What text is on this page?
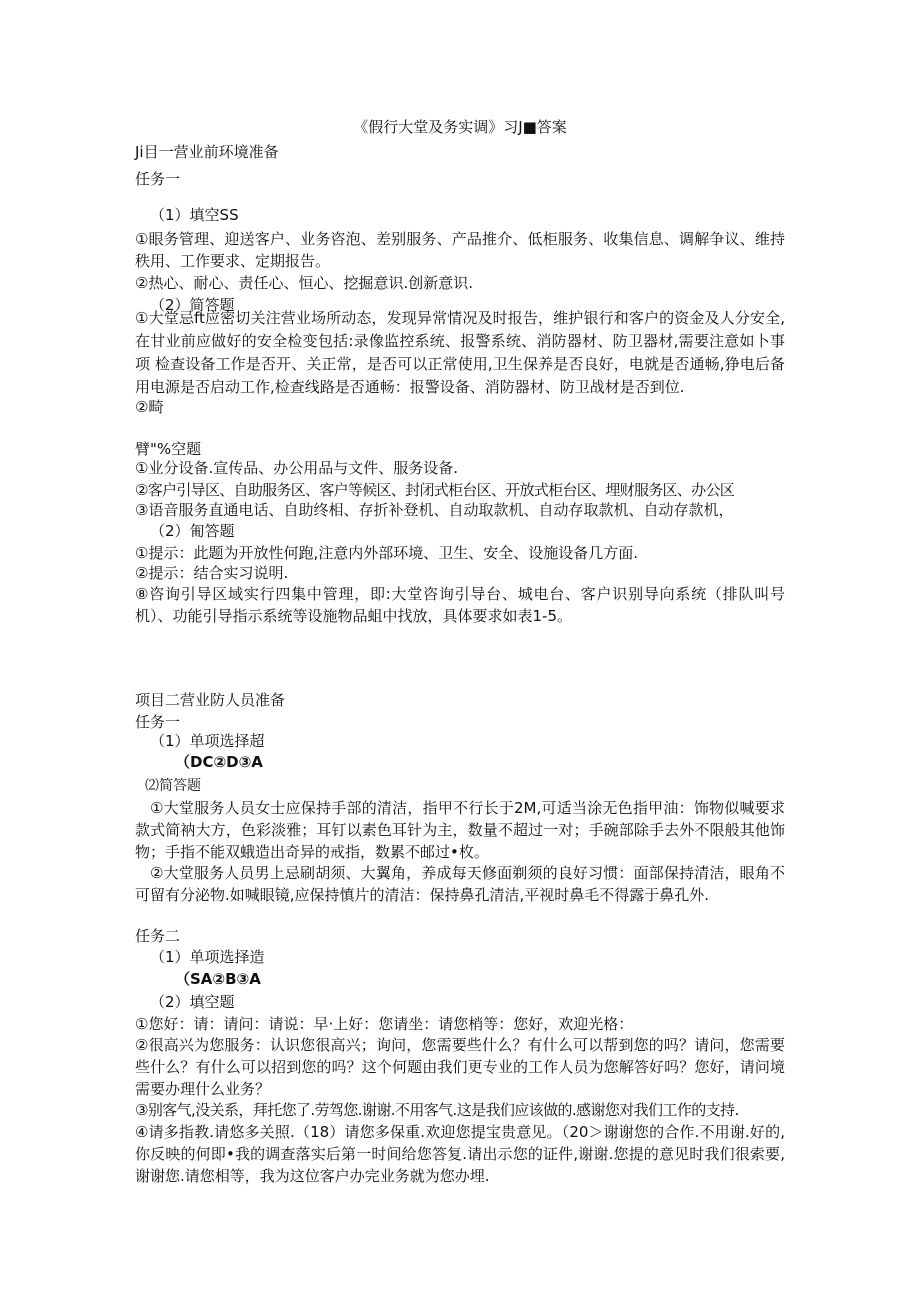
《假行大堂及务实调》习J■答案
Ji目一营业前环境准备
任务一
（1）填空SS
①眼务管理、迎送客户、业务咨泡、差别服务、产品推介、低柜服务、收集信息、调解争议、维持秩用、工作要求、定期报告。
②热心、耐心、责任心、恒心、挖掘意识.创新意识.
（2）简答题
①大堂忌ft应密切关注营业场所动态，发现异常情况及时报告，维护银行和客户的资金及人分安全,在甘业前应做好的安全检变包括:录像监控系统、报警系统、消防器材、防卫器材,需要注意如卜事项 检查设备工作是否开、关正常，是否可以正常使用,卫生保养是否良好，电就是否通畅,狰电后备用电源是否启动工作,检查线路是否通畅：报警设备、消防器材、防卫战材是否到位.
②畸
臂"%空题
①业分设备.宣传品、办公用品与文件、服务设备.
②客户引导区、自助服务区、客户等候区、封闭式柜台区、开放式柜台区、埋财服务区、办公区
③语音服务直通电话、自助终相、存折补登机、自动取款机、自动存取款机、自动存款机，
（2）匍答题
①提示：此题为开放性何跑,注意内外部环境、卫生、安全、设施设备几方面.
②提示：结合实习说明.
⑧咨询引导区域实行四集中管理，即:大堂咨询引导台、城电台、客户识别导向系统（排队叫号机）、功能引导指示系统等设施物品蛆中找放，具体要求如表1-5。
项目二营业防人员准备
任务一
（1）单项选择超
（DC②D③A
⑵简答题
①大堂服务人员女士应保持手部的清洁，指甲不行长于2M,可适当涂无色指甲油：饰物似喊要求款式简衲大方，色彩淡雅；耳钉以素色耳针为主，数量不超过一对；手碗部除手去外不限般其他饰物；手指不能双蛾造出奇异的戒指，数累不邮过•枚。
②大堂服务人员男上忌刷胡须、大翼角，养成每天修面剃须的良好习惯：面部保持清洁，眼角不可留有分泌物.如喊眼镜,应保持慎片的清洁：保持鼻孔清洁,平视时鼻毛不得露于鼻孔外.
任务二
（1）单项选择造
（SA②B③A
（2）填空题
①您好：请：请问：请说：早·上好：您请坐：请您梢等：您好，欢迎光格：
②很高兴为您服务：认识您很高兴；询问，您需要些什么？有什么可以帮到您的吗？请问，您需要些什么？有什么可以招到您的吗？这个何题由我们更专业的工作人员为您解答好吗？您好，请问境需要办理什么业务？
③别客气,没关系，拜托您了.劳驾您.谢谢.不用客气.这是我们应该做的.感谢您对我们工作的支持.
④请多指教.请悠多关照.（18）请您多保重.欢迎您提宝贵意见。（20＞谢谢您的合作.不用谢.好的,你反映的何即•我的调查落实后第一时间给您答复.请出示您的证件,谢谢.您提的意见时我们很索要,谢谢您.请您相等，我为这位客户办完业务就为您办埋.
